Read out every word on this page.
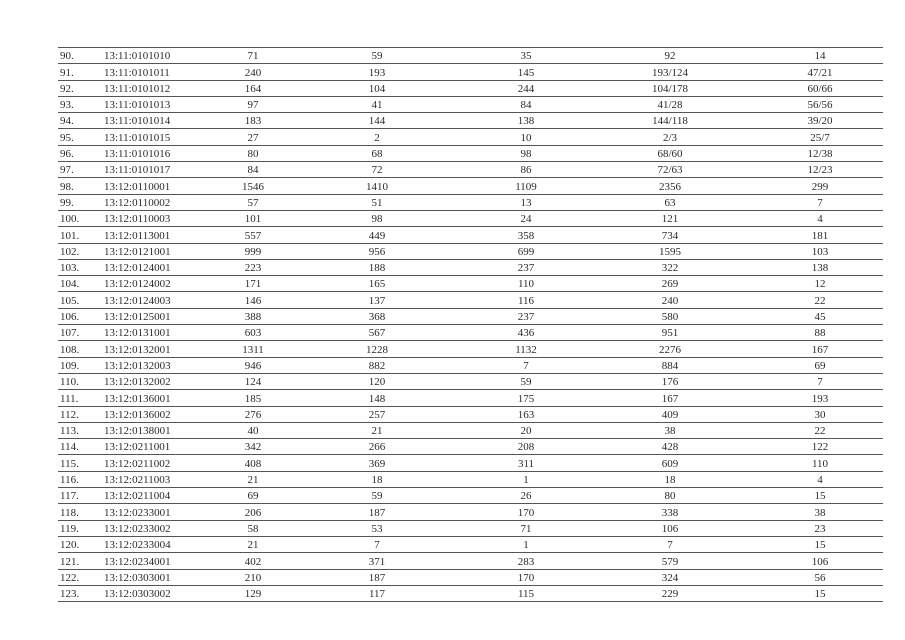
90.	13:11:0101010	71	59	35	92	14
91.	13:11:0101011	240	193	145	193/124	47/21
92.	13:11:0101012	164	104	244	104/178	60/66
93.	13:11:0101013	97	41	84	41/28	56/56
94.	13:11:0101014	183	144	138	144/118	39/20
95.	13:11:0101015	27	2	10	2/3	25/7
96.	13:11:0101016	80	68	98	68/60	12/38
97.	13:11:0101017	84	72	86	72/63	12/23
98.	13:12:0110001	1546	1410	1109	2356	299
99.	13:12:0110002	57	51	13	63	7
100.	13:12:0110003	101	98	24	121	4
101.	13:12:0113001	557	449	358	734	181
102.	13:12:0121001	999	956	699	1595	103
103.	13:12:0124001	223	188	237	322	138
104.	13:12:0124002	171	165	110	269	12
105.	13:12:0124003	146	137	116	240	22
106.	13:12:0125001	388	368	237	580	45
107.	13:12:0131001	603	567	436	951	88
108.	13:12:0132001	1311	1228	1132	2276	167
109.	13:12:0132003	946	882	7	884	69
110.	13:12:0132002	124	120	59	176	7
111.	13:12:0136001	185	148	175	167	193
112.	13:12:0136002	276	257	163	409	30
113.	13:12:0138001	40	21	20	38	22
114.	13:12:0211001	342	266	208	428	122
115.	13:12:0211002	408	369	311	609	110
116.	13:12:0211003	21	18	1	18	4
117.	13:12:0211004	69	59	26	80	15
118.	13:12:0233001	206	187	170	338	38
119.	13:12:0233002	58	53	71	106	23
120.	13:12:0233004	21	7	1	7	15
121.	13:12:0234001	402	371	283	579	106
122.	13:12:0303001	210	187	170	324	56
123.	13:12:0303002	129	117	115	229	15
